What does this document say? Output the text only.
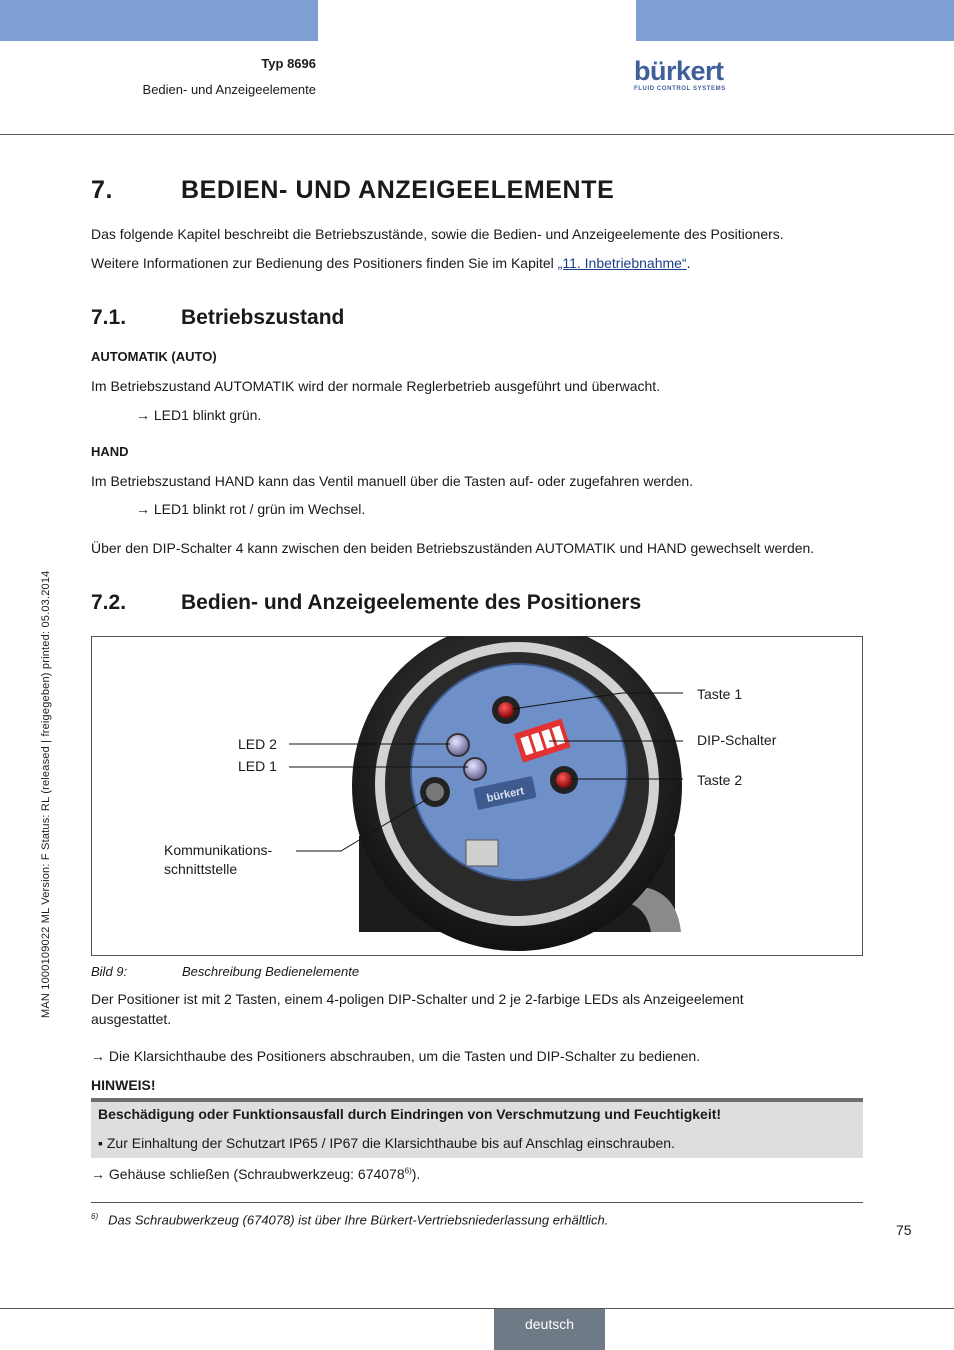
Typ 8696
Bedien- und Anzeigeelemente
bürkert
FLUID CONTROL SYSTEMS
7.	BEDIEN- UND ANZEIGEELEMENTE
Das folgende Kapitel beschreibt die Betriebszustände, sowie die Bedien- und Anzeigeelemente des Positioners.
Weitere Informationen zur Bedienung des Positioners finden Sie im Kapitel „11. Inbetriebnahme“.
7.1.	Betriebszustand
AUTOMATIK (AUTO)
Im Betriebszustand AUTOMATIK wird der normale Reglerbetrieb ausgeführt und überwacht.
→ LED1 blinkt grün.
HAND
Im Betriebszustand HAND kann das Ventil manuell über die Tasten auf- oder zugefahren werden.
→ LED1 blinkt rot / grün im Wechsel.
Über den DIP-Schalter 4 kann zwischen den beiden Betriebszuständen AUTOMATIK und HAND gewechselt werden.
7.2.	Bedien- und Anzeigeelemente des Positioners
bürkert
Taste 1
DIP-Schalter
Taste 2
LED 2
LED 1
Kommunikations-
schnittstelle
Bild 9:	Beschreibung Bedienelemente
Der Positioner ist mit 2 Tasten, einem 4-poligen DIP-Schalter und 2 je 2-farbige LEDs als Anzeigeelement
ausgestattet.
→ Die Klarsichthaube des Positioners abschrauben, um die Tasten und DIP-Schalter zu bedienen.
HINWEIS!
Beschädigung oder Funktionsausfall durch Eindringen von Verschmutzung und Feuchtigkeit!
▪ Zur Einhaltung der Schutzart IP65 / IP67 die Klarsichthaube bis auf Anschlag einschrauben.
→ Gehäuse schließen (Schraubwerkzeug: 674078$^{6)}$).
$^{6)}$ Das Schraubwerkzeug (674078) ist über Ihre Bürkert-Vertriebsniederlassung erhältlich.
75
MAN 1000109022 ML Version: F Status: RL (released | freigegeben) printed: 05.03.2014
deutsch
